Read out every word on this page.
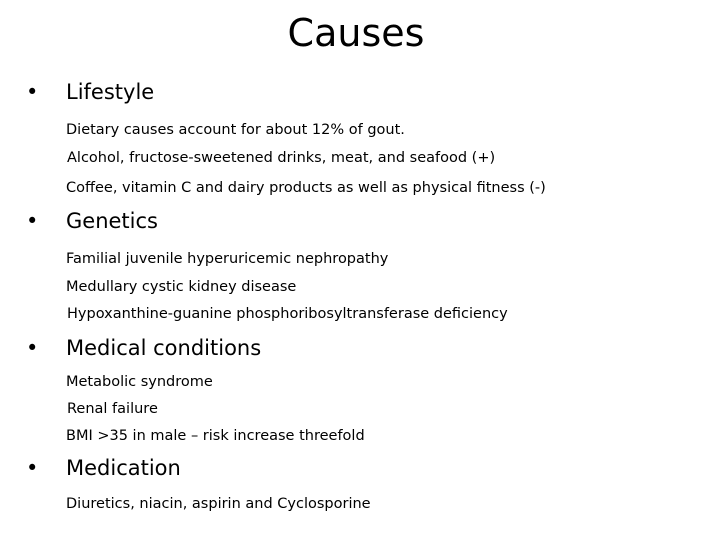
Causes
• Lifestyle
Dietary causes account for about 12% of gout.
Alcohol, fructose-sweetened drinks, meat, and seafood (+)
Coffee, vitamin C and dairy products as well as physical fitness (-)
• Genetics
Familial juvenile hyperuricemic nephropathy
Medullary cystic kidney disease
Hypoxanthine-guanine phosphoribosyltransferase deficiency
• Medical conditions
Metabolic syndrome
Renal failure
BMI >35 in male – risk increase threefold
• Medication
Diuretics, niacin, aspirin and Cyclosporine
